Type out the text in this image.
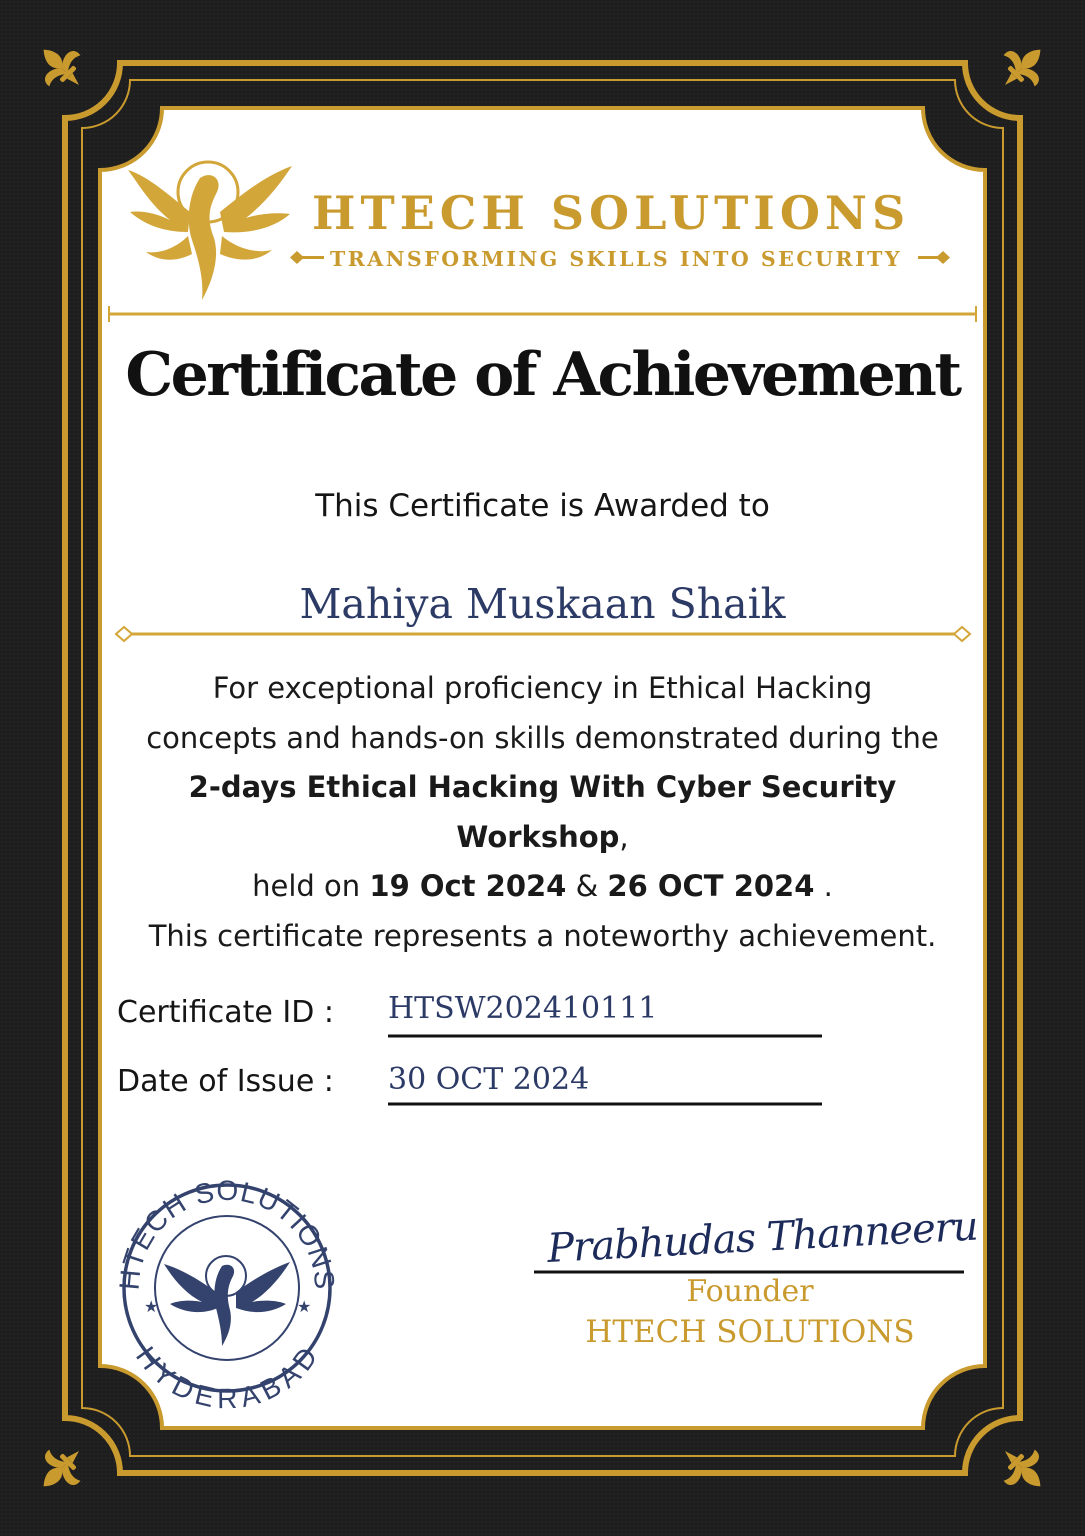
HTECH SOLUTIONS
HYDERABAD
★	★
Prabhudas Thanneeru
HTECH SOLUTIONS
TRANSFORMING SKILLS INTO SECURITY
Certificate of Achievement
This Certificate is Awarded to
Mahiya Muskaan Shaik
For exceptional proficiency in Ethical Hacking
concepts and hands-on skills demonstrated during the
2-days Ethical Hacking With Cyber Security
Workshop,
held on 19 Oct 2024 & 26 OCT 2024 .
This certificate represents a noteworthy achievement.
Certificate ID : HTSW202410111
Date of Issue : 30 OCT 2024
Founder
HTECH SOLUTIONS
